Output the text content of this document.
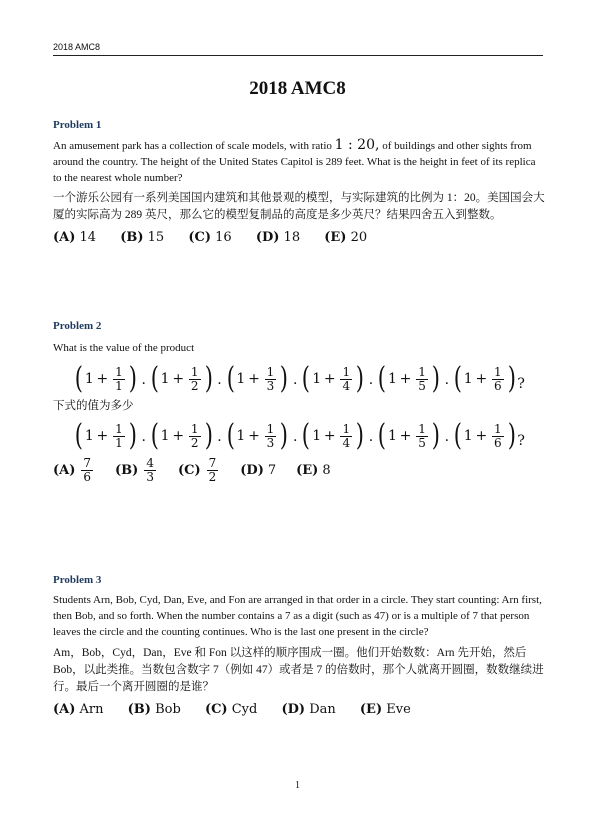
2018 AMC8
2018 AMC8

Problem 1

An amusement park has a collection of scale models, with ratio 1 : 20, of buildings and other sights from around the country. The height of the United States Capitol is 289 feet. What is the height in feet of its replica to the nearest whole number?

一个游乐公园有一系列美国国内建筑和其他景观的模型，与实际建筑的比例为 1：20。美国国会大厦的实际高为 289 英尺，那么它的模型复制品的高度是多少英尺？结果四舍五入到整数。

(A) 14 (B) 15 (C) 16 (D) 18 (E) 20

Problem 2

What is the value of the product

( $1 + \frac{1}{1}$ ) · ( $1 + \frac{1}{2}$ ) · ( $1 + \frac{1}{3}$ ) · ( $1 + \frac{1}{4}$ ) · ( $1 + \frac{1}{5}$ ) · ( $1 + \frac{1}{6}$ ) ?

下式的值为多少

( $1 + \frac{1}{1}$ ) · ( $1 + \frac{1}{2}$ ) · ( $1 + \frac{1}{3}$ ) · ( $1 + \frac{1}{4}$ ) · ( $1 + \frac{1}{5}$ ) · ( $1 + \frac{1}{6}$ ) ?
$(A) \frac{7}{6} (B) \frac{4}{3} (C) \frac{7}{2} (D)$ 7 (E) 8

Problem 3

Students Arn, Bob, Cyd, Dan, Eve, and Fon are arranged in that order in a circle. They start counting: Arn first, then Bob, and so forth. When the number contains a 7 as a digit (such as 47) or is a multiple of 7 that person leaves the circle and the counting continues. Who is the last one present in the circle?

Am，Bob，Cyd，Dan，Eve 和 Fon 以这样的顺序围成一圈。他们开始数数：Arn 先开始，然后 Bob，以此类推。当数包含数字 7（例如 47）或者是 7 的倍数时，那个人就离开圆圈，数数继续进行。最后一个离开圆圈的是谁？

(A) Arn (B) Bob (C) Cyd (D) Dan (E) Eve

1
